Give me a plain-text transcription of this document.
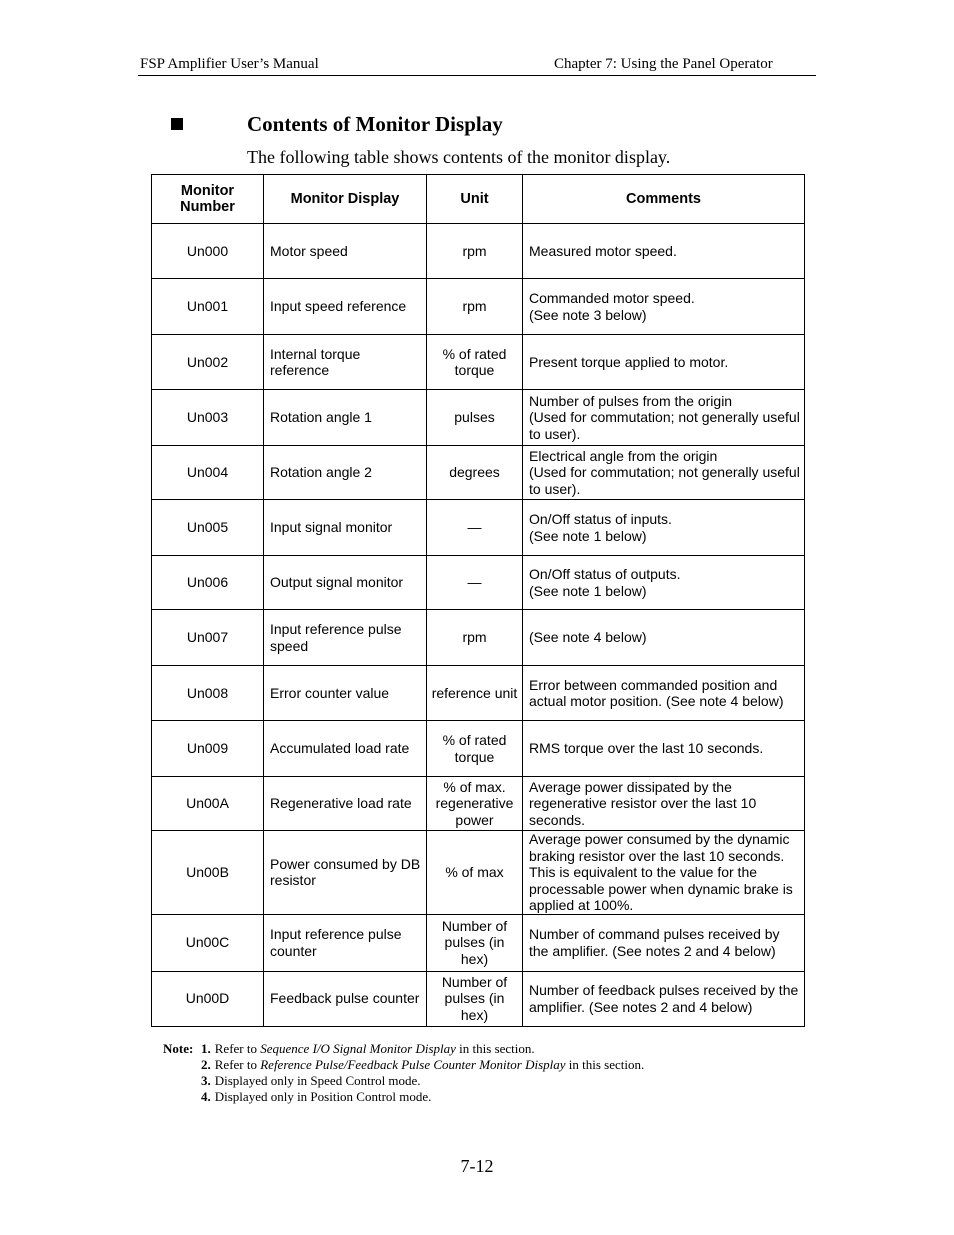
FSP Amplifier User’s Manual	Chapter 7: Using the Panel Operator
Contents of Monitor Display
The following table shows contents of the monitor display.
Monitor Number	Monitor Display	Unit	Comments
Un000	Motor speed	rpm	Measured motor speed.
Un001	Input speed reference	rpm	Commanded motor speed.
(See note 3 below)
Un002	Internal torque reference	% of rated torque	Present torque applied to motor.
Un003	Rotation angle 1	pulses	Number of pulses from the origin
(Used for commutation; not generally useful to user).
Un004	Rotation angle 2	degrees	Electrical angle from the origin
(Used for commutation; not generally useful to user).
Un005	Input signal monitor	—	On/Off status of inputs.
(See note 1 below)
Un006	Output signal monitor	—	On/Off status of outputs.
(See note 1 below)
Un007	Input reference pulse speed	rpm	(See note 4 below)
Un008	Error counter value	reference unit	Error between commanded position and actual motor position. (See note 4 below)
Un009	Accumulated load rate	% of rated torque	RMS torque over the last 10 seconds.
Un00A	Regenerative load rate	% of max. regenerative power	Average power dissipated by the regenerative resistor over the last 10 seconds.
Un00B	Power consumed by DB resistor	% of max	Average power consumed by the dynamic braking resistor over the last 10 seconds. This is equivalent to the value for the processable power when dynamic brake is applied at 100%.
Un00C	Input reference pulse counter	Number of pulses (in hex)	Number of command pulses received by the amplifier. (See notes 2 and 4 below)
Un00D	Feedback pulse counter	Number of pulses (in hex)	Number of feedback pulses received by the amplifier. (See notes 2 and 4 below)
Note: 1. Refer to Sequence I/O Signal Monitor Display in this section.
2. Refer to Reference Pulse/Feedback Pulse Counter Monitor Display in this section.
3. Displayed only in Speed Control mode.
4. Displayed only in Position Control mode.
7-12
